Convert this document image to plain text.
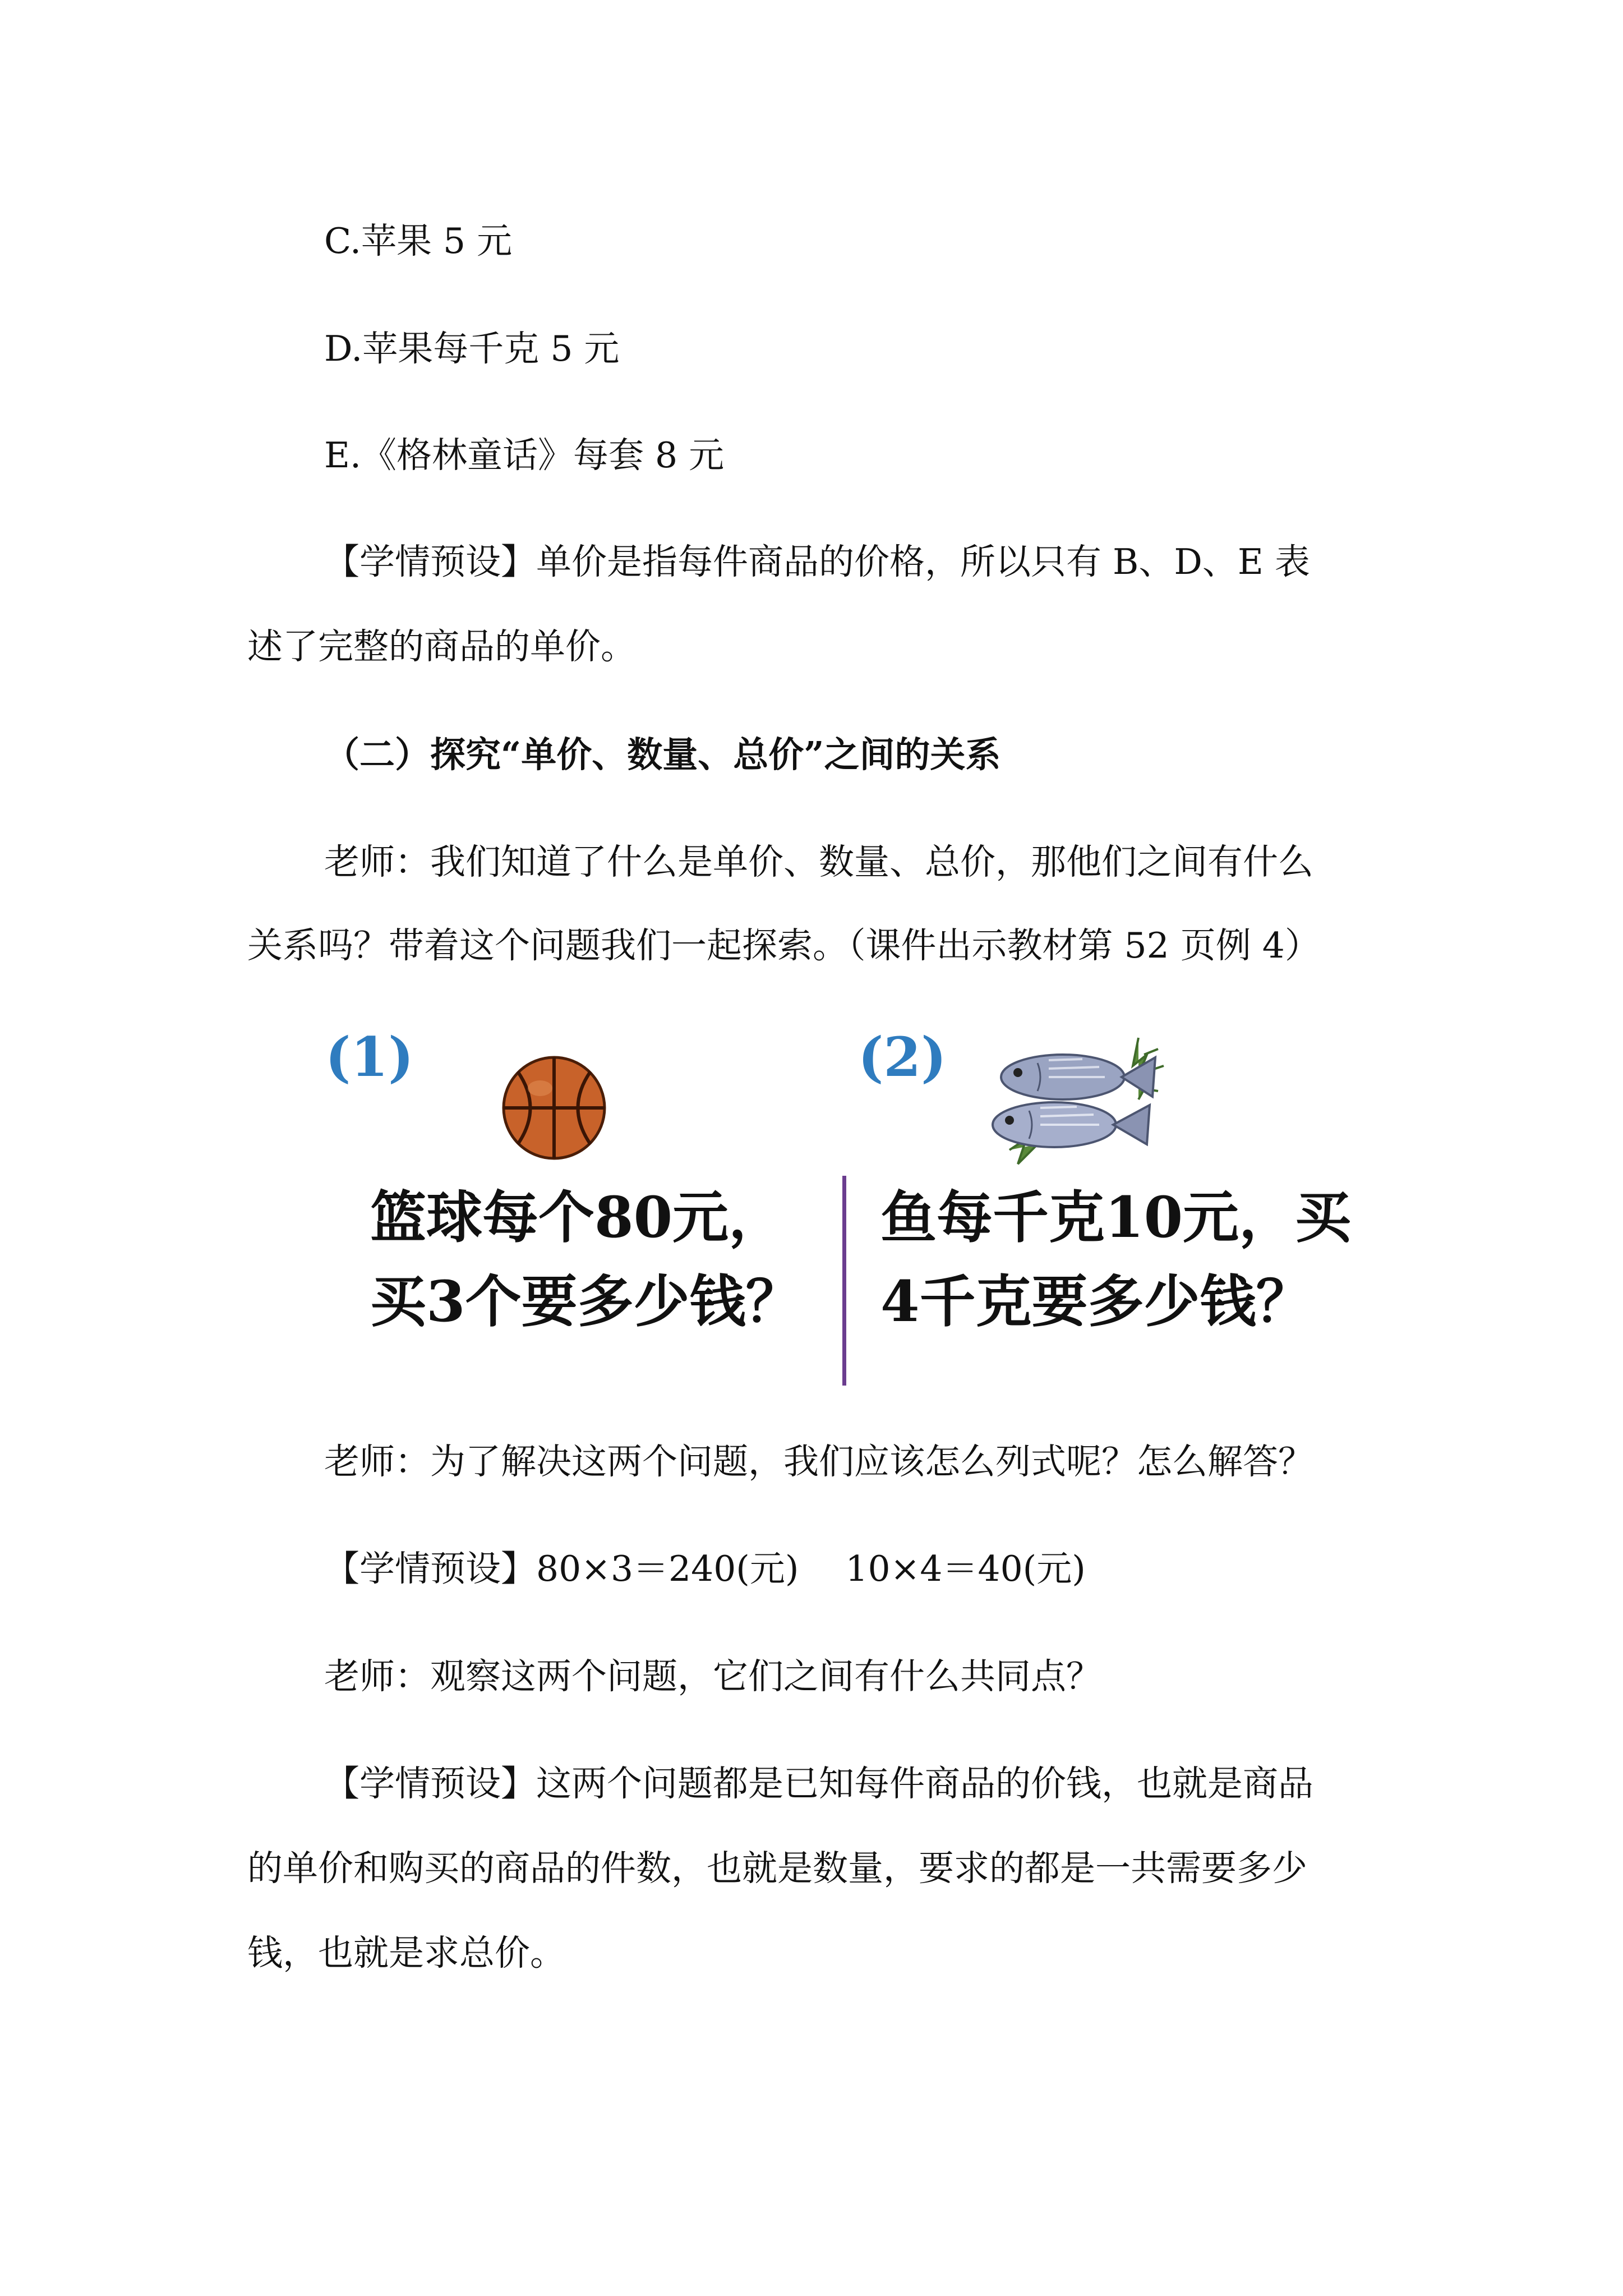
C.苹果 5 元
D.苹果每千克 5 元
E.《格林童话》每套 8 元
【学情预设】单价是指每件商品的价格，所以只有 B、D、E 表
述了完整的商品的单价。
（二）探究“单价、数量、总价”之间的关系
老师：我们知道了什么是单价、数量、总价，那他们之间有什么
关系吗？带着这个问题我们一起探索。（课件出示教材第 52 页例 4）
(1)
篮球每个80元，
买3个要多少钱？
(2)
鱼每千克10元，买
4千克要多少钱？
老师：为了解决这两个问题，我们应该怎么列式呢？怎么解答？
【学情预设】80×3＝240(元)　 10×4＝40(元)
老师：观察这两个问题，它们之间有什么共同点？
【学情预设】这两个问题都是已知每件商品的价钱，也就是商品
的单价和购买的商品的件数，也就是数量，要求的都是一共需要多少
钱，也就是求总价。
